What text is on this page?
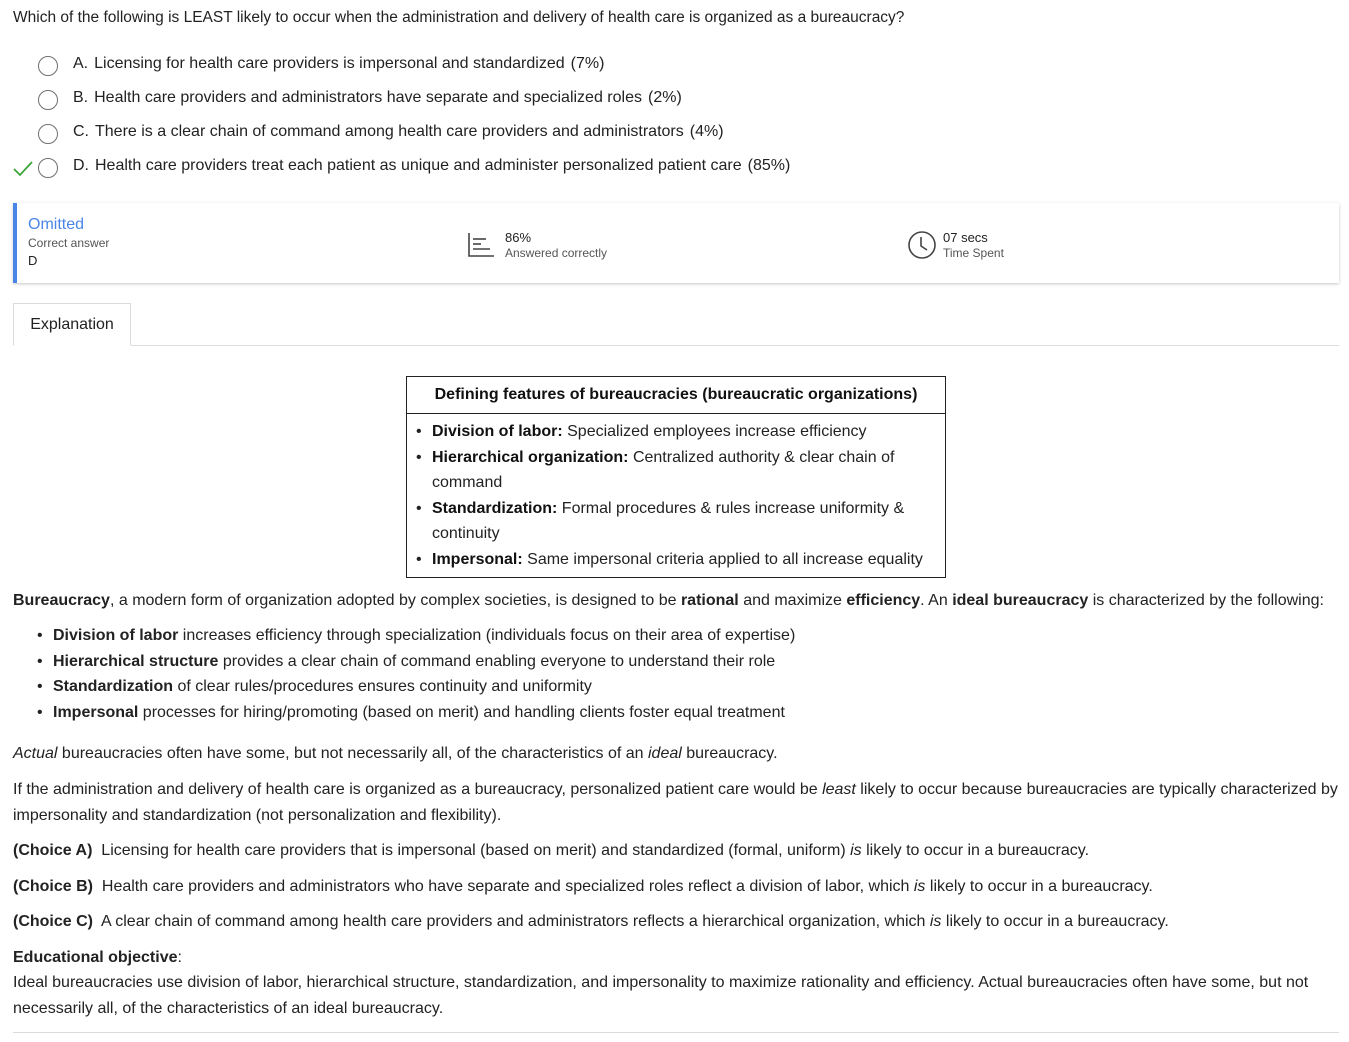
Which of the following is LEAST likely to occur when the administration and delivery of health care is organized as a bureaucracy?
A. Licensing for health care providers is impersonal and standardized (7%)
B. Health care providers and administrators have separate and specialized roles (2%)
C. There is a clear chain of command among health care providers and administrators (4%)
D. Health care providers treat each patient as unique and administer personalized patient care (85%)
Omitted
Correct answer
D
86%
Answered correctly
07 secs
Time Spent
Explanation
Defining features of bureaucracies (bureaucratic organizations)
• Division of labor: Specialized employees increase efficiency
• Hierarchical organization: Centralized authority & clear chain of command
• Standardization: Formal procedures & rules increase uniformity & continuity
• Impersonal: Same impersonal criteria applied to all increase equality
Bureaucracy, a modern form of organization adopted by complex societies, is designed to be rational and maximize efficiency. An ideal bureaucracy is characterized by the following:
• Division of labor increases efficiency through specialization (individuals focus on their area of expertise)
• Hierarchical structure provides a clear chain of command enabling everyone to understand their role
• Standardization of clear rules/procedures ensures continuity and uniformity
• Impersonal processes for hiring/promoting (based on merit) and handling clients foster equal treatment
Actual bureaucracies often have some, but not necessarily all, of the characteristics of an ideal bureaucracy.
If the administration and delivery of health care is organized as a bureaucracy, personalized patient care would be least likely to occur because bureaucracies are typically characterized by impersonality and standardization (not personalization and flexibility).
(Choice A)  Licensing for health care providers that is impersonal (based on merit) and standardized (formal, uniform) is likely to occur in a bureaucracy.
(Choice B)  Health care providers and administrators who have separate and specialized roles reflect a division of labor, which is likely to occur in a bureaucracy.
(Choice C)  A clear chain of command among health care providers and administrators reflects a hierarchical organization, which is likely to occur in a bureaucracy.
Educational objective:
Ideal bureaucracies use division of labor, hierarchical structure, standardization, and impersonality to maximize rationality and efficiency. Actual bureaucracies often have some, but not necessarily all, of the characteristics of an ideal bureaucracy.
